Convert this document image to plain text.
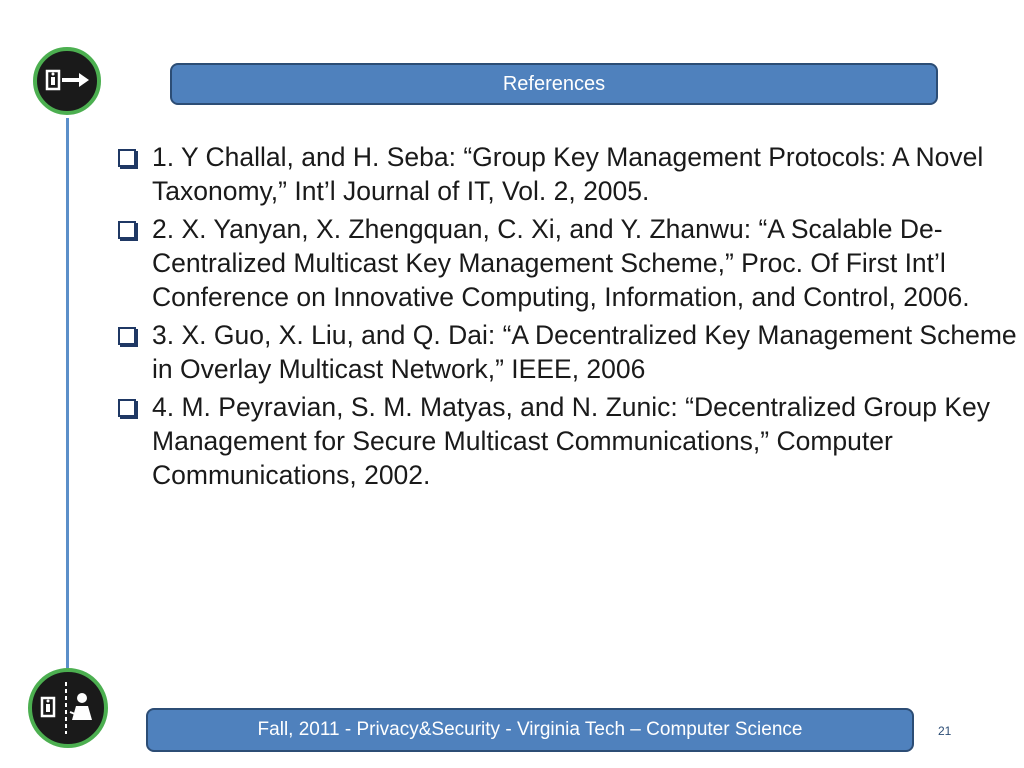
References
1. Y Challal, and H. Seba: “Group Key Management Protocols: A Novel Taxonomy,” Int’l Journal of IT, Vol. 2, 2005.
2. X. Yanyan, X. Zhengquan, C. Xi, and Y. Zhanwu: “A Scalable De-Centralized Multicast Key Management Scheme,” Proc. Of First Int’l Conference on Innovative Computing, Information, and Control, 2006.
3. X. Guo, X. Liu, and Q. Dai: “A Decentralized Key Management Scheme in Overlay Multicast Network,” IEEE, 2006
4. M. Peyravian, S. M. Matyas, and N. Zunic: “Decentralized Group Key Management for Secure Multicast Communications,” Computer Communications, 2002.
Fall, 2011 - Privacy&Security - Virginia Tech – Computer Science	21
